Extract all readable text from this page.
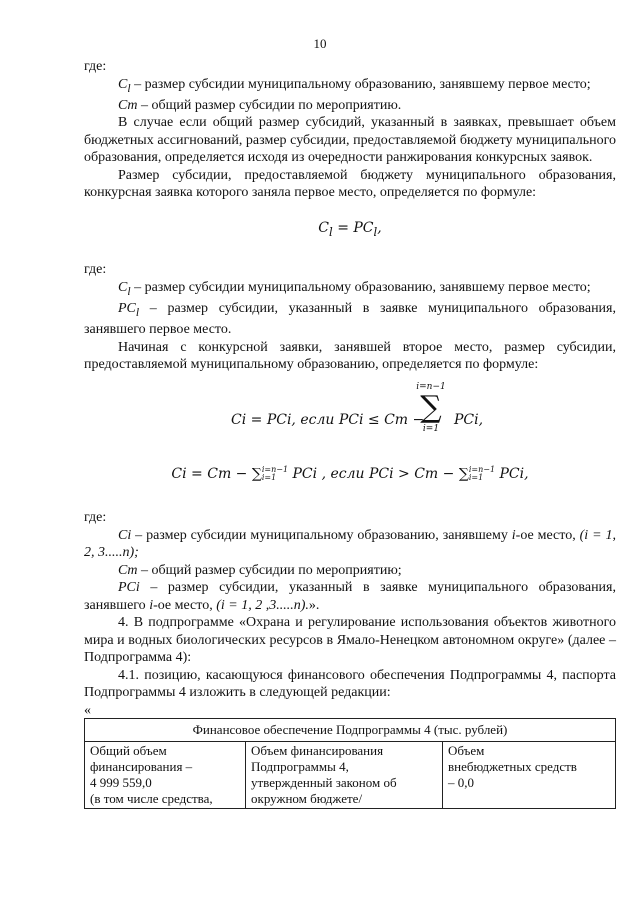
10

где:

$C_l$ – размер субсидии муниципальному образованию, занявшему первое место;

Cm – общий размер субсидии по мероприятию.

В случае если общий размер субсидий, указанный в заявках, превышает объем бюджетных ассигнований, размер субсидии, предоставляемой бюджету муниципального образования, определяется исходя из очередности ранжирования конкурсных заявок.

Размер субсидии, предоставляемой бюджету муниципального образования, конкурсная заявка которого заняла первое место, определяется по формуле:

$C_l = PC_l$,

где:

$C_l$ – размер субсидии муниципальному образованию, занявшему первое место;

$PC_l$ – размер субсидии, указанный в заявке муниципального образования, занявшего первое место.

Начиная с конкурсной заявки, занявшей второе место, размер субсидии, предоставляемой муниципальному образованию, определяется по формуле:

Ci = PCi, если PCi ≤ Cm −
i=n−1
∑
i=1
PCi,
Ci = Cm − ∑i=n−1
i=1 PCi , если PCi > Cm − ∑i=n−1
i=1 PCi,

где:

Ci – размер субсидии муниципальному образованию, занявшему i-ое место, (i = 1, 2, 3.....n);

Cm – общий размер субсидии по мероприятию;

PCi – размер субсидии, указанный в заявке муниципального образования, занявшего i-ое место, (i = 1, 2 ,3.....n).».

4. В подпрограмме «Охрана и регулирование использования объектов животного мира и водных биологических ресурсов в Ямало-Ненецком автономном округе» (далее – Подпрограмма 4):

4.1. позицию, касающуюся финансового обеспечения Подпрограммы 4, паспорта Подпрограммы 4 изложить в следующей редакции:

«
Финансовое обеспечение Подпрограммы 4 (тыс. рублей)

Общий объем
финансирования –
4 999 559,0
(в том числе средства,

Объем финансирования
Подпрограммы 4,
утвержденный законом об
окружном бюджете/

Объем
внебюджетных средств
– 0,0
